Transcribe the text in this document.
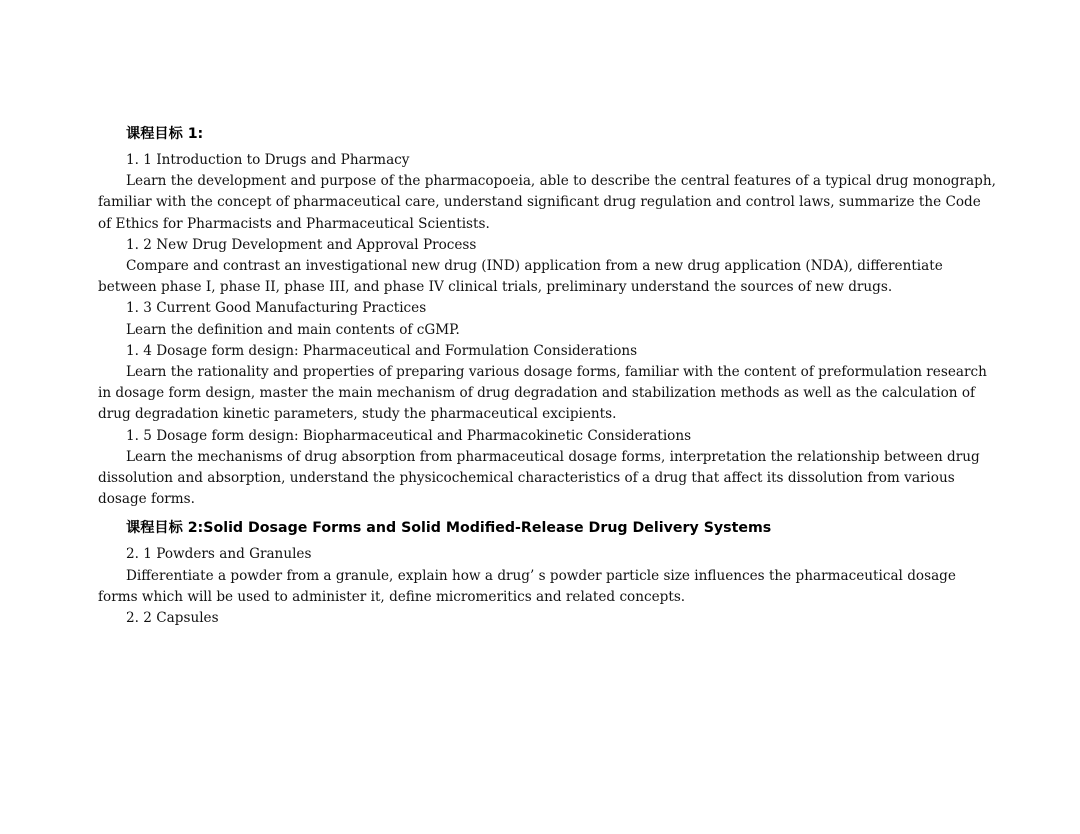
课程目标 1:
1. 1 Introduction to Drugs and Pharmacy
Learn the development and purpose of the pharmacopoeia, able to describe the central features of a typical drug monograph, familiar with the concept of pharmaceutical care, understand significant drug regulation and control laws, summarize the Code of Ethics for Pharmacists and Pharmaceutical Scientists.
1. 2 New Drug Development and Approval Process
Compare and contrast an investigational new drug (IND) application from a new drug application (NDA), differentiate between phase I, phase II, phase III, and phase IV clinical trials, preliminary understand the sources of new drugs.
1. 3 Current Good Manufacturing Practices
Learn the definition and main contents of cGMP.
1. 4 Dosage form design: Pharmaceutical and Formulation Considerations
Learn the rationality and properties of preparing various dosage forms, familiar with the content of preformulation research in dosage form design, master the main mechanism of drug degradation and stabilization methods as well as the calculation of drug degradation kinetic parameters, study the pharmaceutical excipients.
1. 5 Dosage form design: Biopharmaceutical and Pharmacokinetic Considerations
Learn the mechanisms of drug absorption from pharmaceutical dosage forms, interpretation the relationship between drug dissolution and absorption, understand the physicochemical characteristics of a drug that affect its dissolution from various dosage forms.
课程目标 2:Solid Dosage Forms and Solid Modified-Release Drug Delivery Systems
2. 1 Powders and Granules
Differentiate a powder from a granule, explain how a drug’ s powder particle size influences the pharmaceutical dosage forms which will be used to administer it, define micromeritics and related concepts.
2. 2 Capsules
